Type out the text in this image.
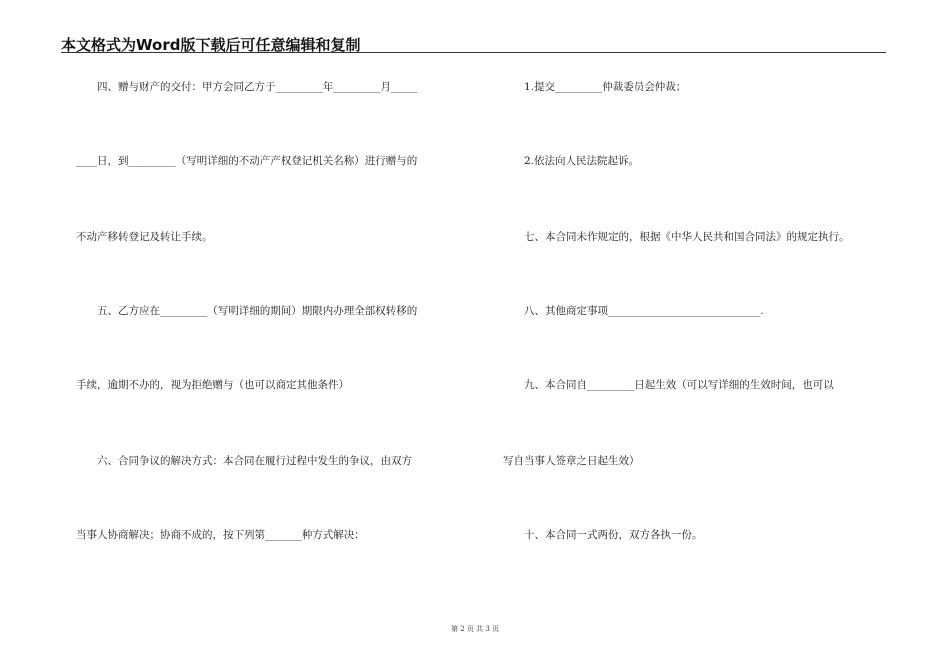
本文格式为Word版下载后可任意编辑和复制
　　四、赠与财产的交付：甲方会同乙方于_________年_________月_____
____日，到_________（写明详细的不动产产权登记机关名称）进行赠与的
不动产移转登记及转让手续。
　　五、乙方应在_________（写明详细的期间）期限内办理全部权转移的
手续，逾期不办的，视为拒绝赠与（也可以商定其他条件）
　　六、合同争议的解决方式：本合同在履行过程中发生的争议，由双方
当事人协商解决；协商不成的，按下列第_______种方式解决：
　　1.提交_________仲裁委员会仲裁；
　　2.依法向人民法院起诉。
　　七、本合同未作规定的，根据《中华人民共和国合同法》的规定执行。
　　八、其他商定事项_____________________________.
　　九、本合同自_________日起生效（可以写详细的生效时间，也可以
写自当事人签章之日起生效）
　　十、本合同一式两份，双方各执一份。
第 2 页 共 3 页
